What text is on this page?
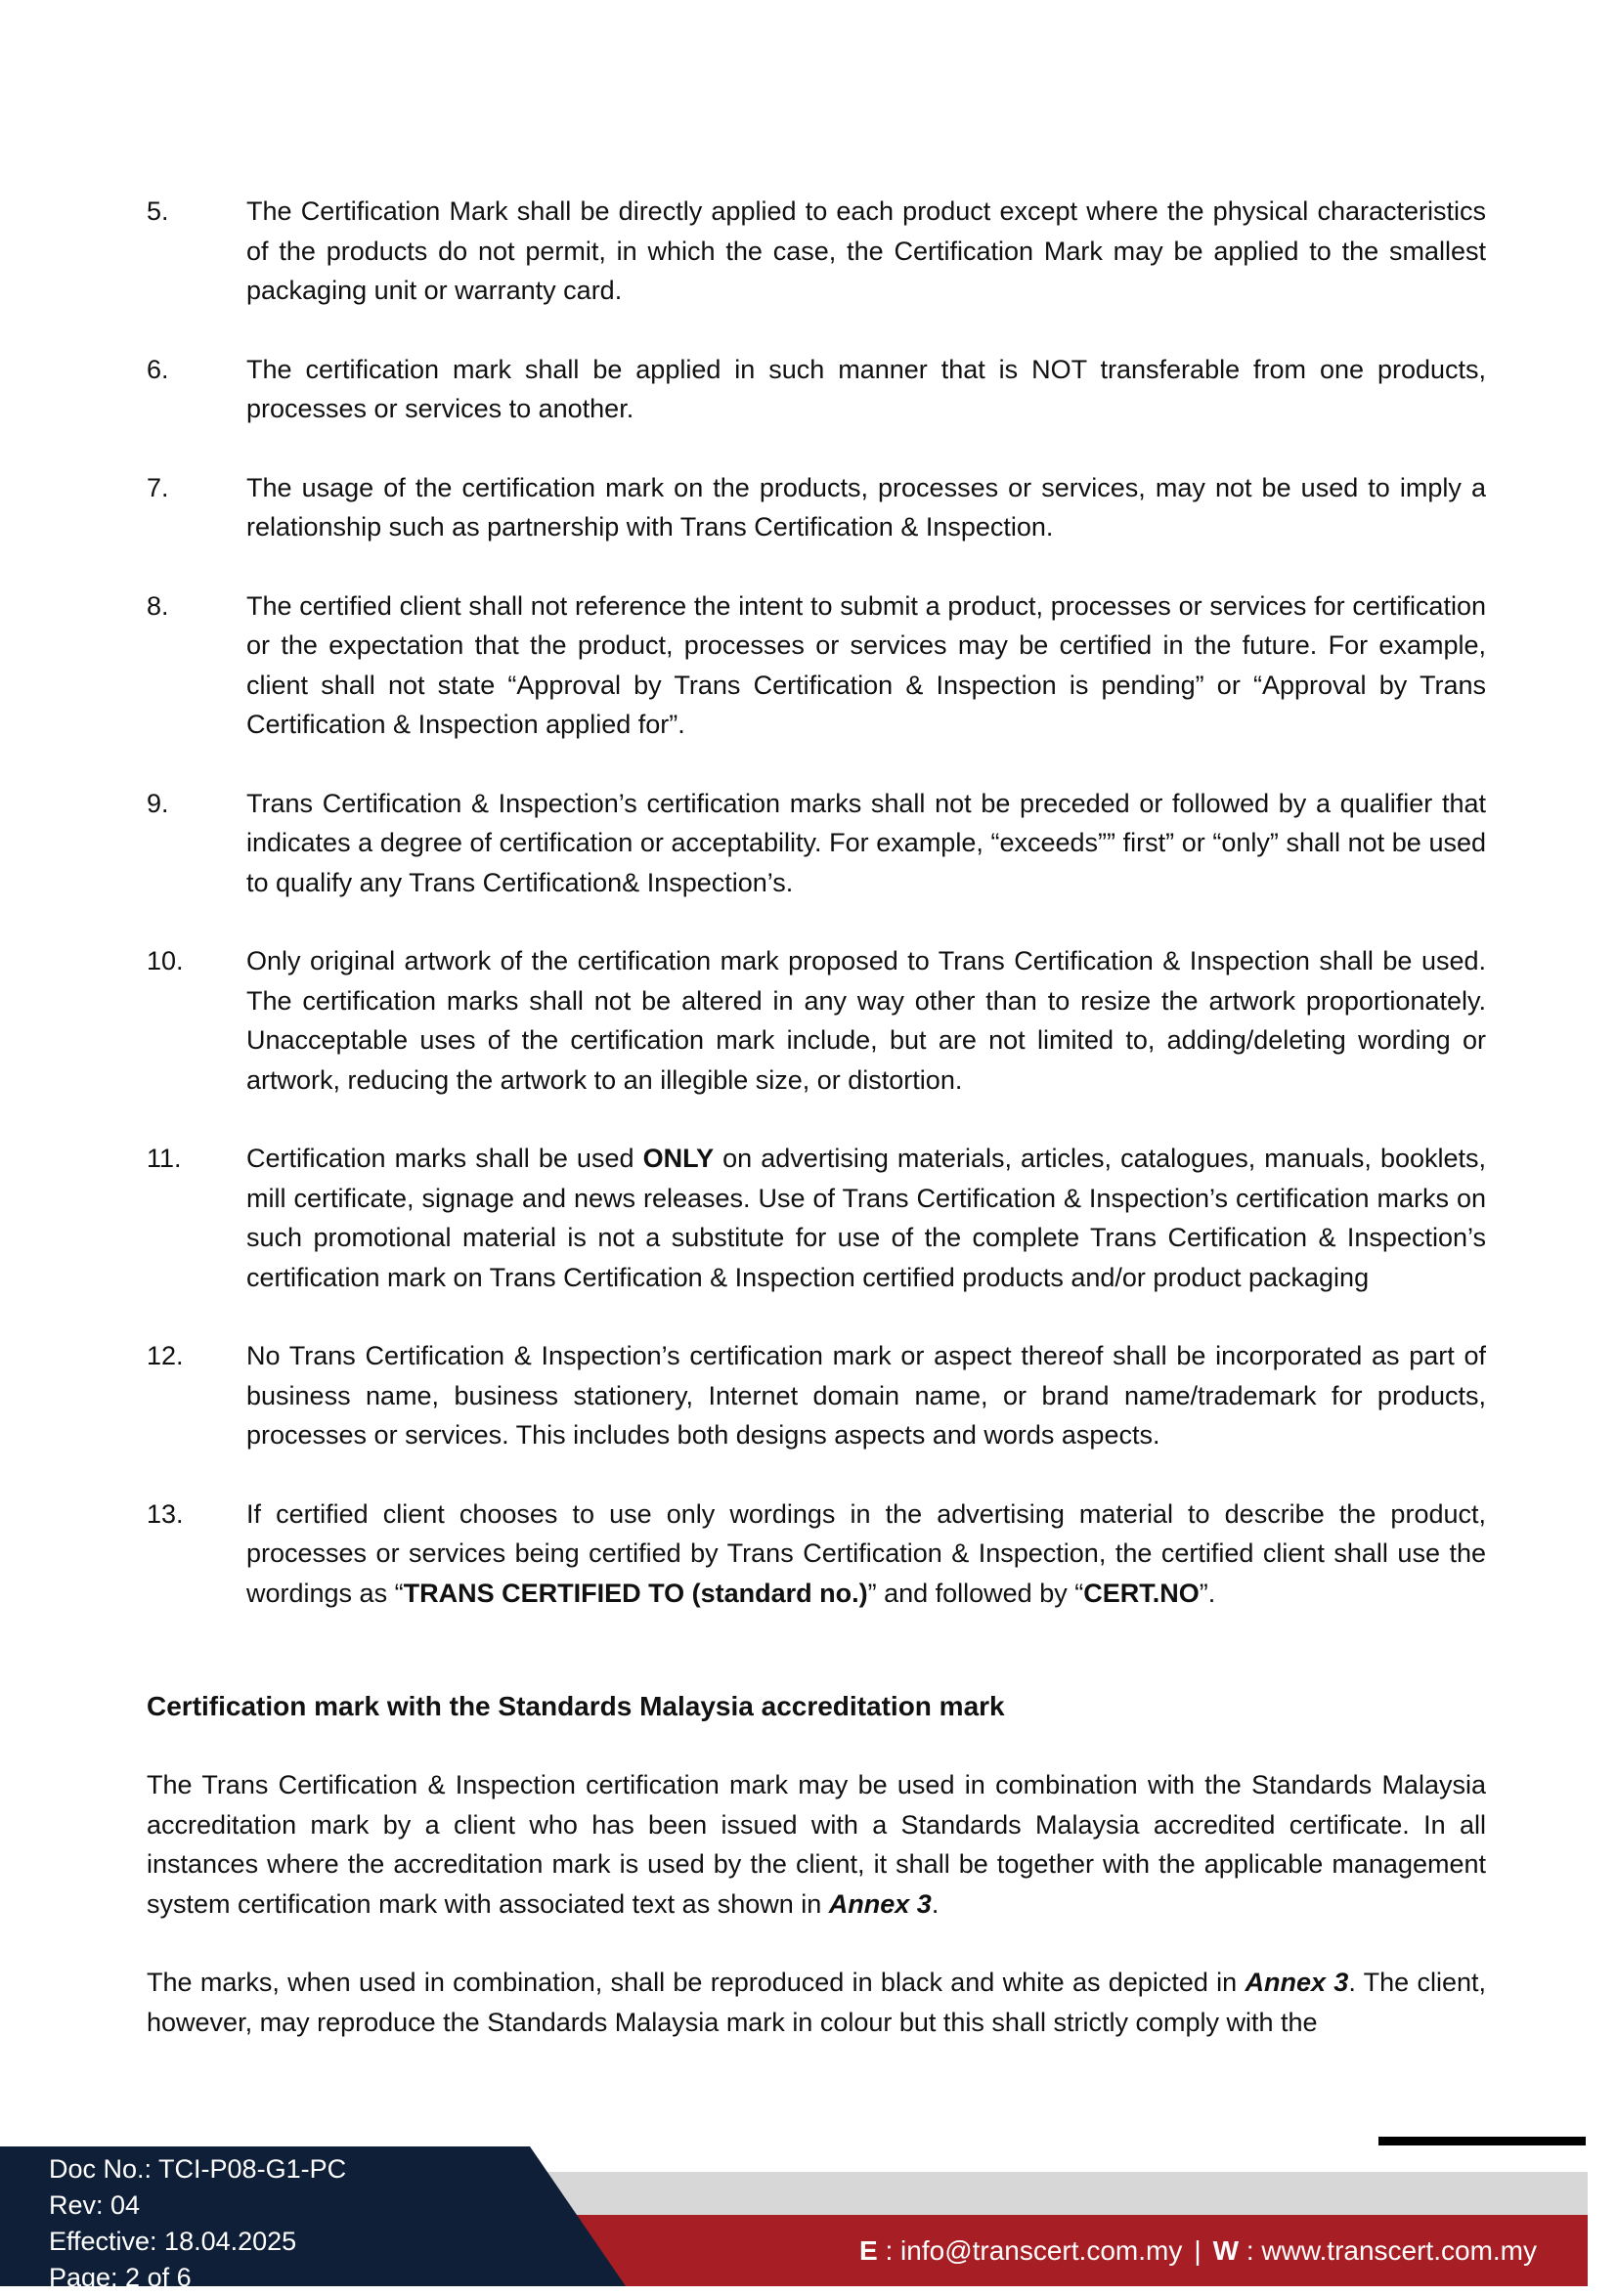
5.	The Certification Mark shall be directly applied to each product except where the physical characteristics of the products do not permit, in which the case, the Certification Mark may be applied to the smallest packaging unit or warranty card.
6.	The certification mark shall be applied in such manner that is NOT transferable from one products, processes or services to another.
7.	The usage of the certification mark on the products, processes or services, may not be used to imply a relationship such as partnership with Trans Certification & Inspection.
8.	The certified client shall not reference the intent to submit a product, processes or services for certification or the expectation that the product, processes or services may be certified in the future. For example, client shall not state “Approval by Trans Certification & Inspection is pending” or “Approval by Trans Certification & Inspection applied for”.
9.	Trans Certification & Inspection’s certification marks shall not be preceded or followed by a qualifier that indicates a degree of certification or acceptability. For example, “exceeds”” first” or “only” shall not be used to qualify any Trans Certification& Inspection’s.
10.	Only original artwork of the certification mark proposed to Trans Certification & Inspection shall be used. The certification marks shall not be altered in any way other than to resize the artwork proportionately. Unacceptable uses of the certification mark include, but are not limited to, adding/deleting wording or artwork, reducing the artwork to an illegible size, or distortion.
11.	Certification marks shall be used ONLY on advertising materials, articles, catalogues, manuals, booklets, mill certificate, signage and news releases. Use of Trans Certification & Inspection’s certification marks on such promotional material is not a substitute for use of the complete Trans Certification & Inspection’s certification mark on Trans Certification & Inspection certified products and/or product packaging
12.	No Trans Certification & Inspection’s certification mark or aspect thereof shall be incorporated as part of business name, business stationery, Internet domain name, or brand name/trademark for products, processes or services. This includes both designs aspects and words aspects.
13.	If certified client chooses to use only wordings in the advertising material to describe the product, processes or services being certified by Trans Certification & Inspection, the certified client shall use the wordings as “TRANS CERTIFIED TO (standard no.)” and followed by “CERT.NO”.
Certification mark with the Standards Malaysia accreditation mark

The Trans Certification & Inspection certification mark may be used in combination with the Standards Malaysia accreditation mark by a client who has been issued with a Standards Malaysia accredited certificate. In all instances where the accreditation mark is used by the client, it shall be together with the applicable management system certification mark with associated text as shown in Annex 3.

The marks, when used in combination, shall be reproduced in black and white as depicted in Annex 3. The client, however, may reproduce the Standards Malaysia mark in colour but this shall strictly comply with the

Doc No.: TCI-P08-G1-PC
Rev: 04
Effective: 18.04.2025
Page: 2 of 6
E : info@transcert.com.my | W : www.transcert.com.my
